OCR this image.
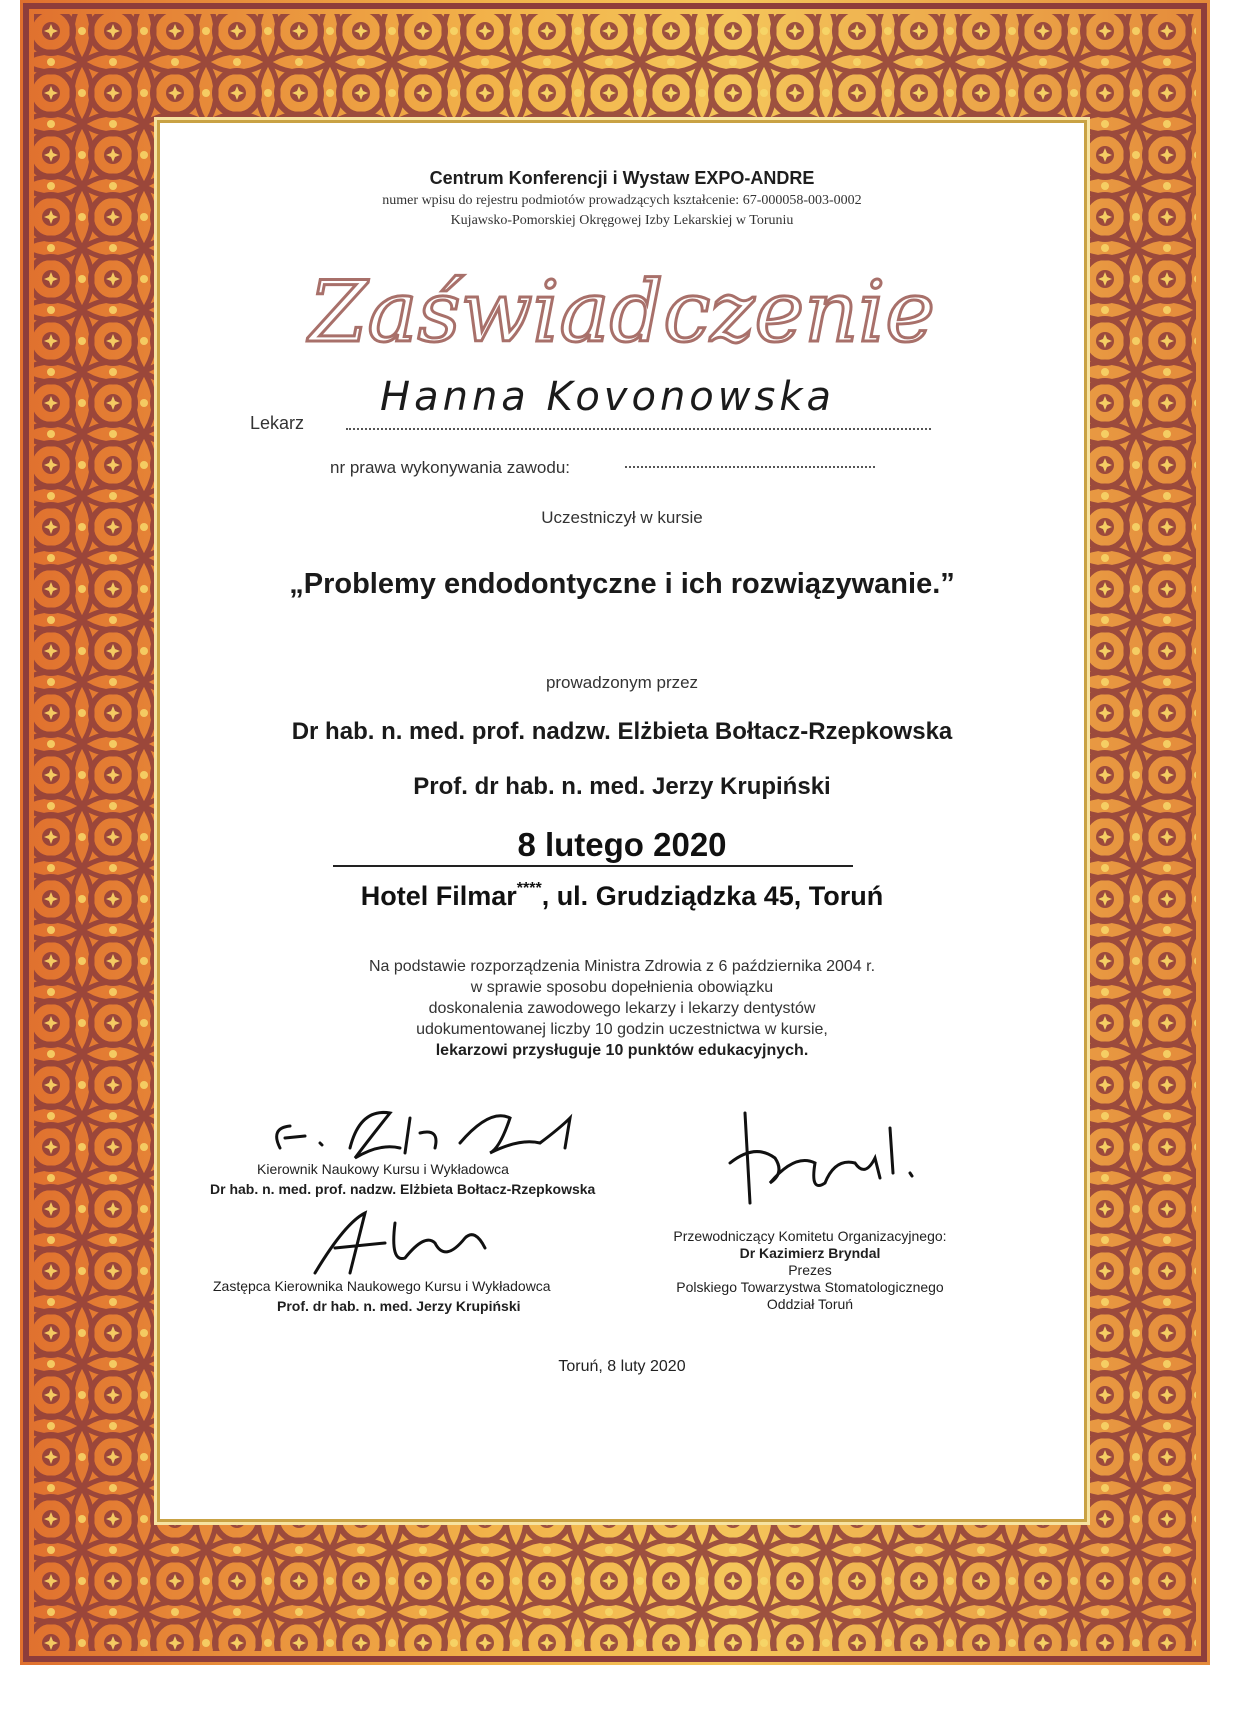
Centrum Konferencji i Wystaw EXPO-ANDRE
numer wpisu do rejestru podmiotów prowadzących kształcenie: 67-000058-003-0002
Kujawsko-Pomorskiej Okręgowej Izby Lekarskiej w Toruniu
Zaświadczenie
Lekarz
Hanna Kovonowska
nr prawa wykonywania zawodu:
Uczestniczył w kursie
„Problemy endodontyczne i ich rozwiązywanie.”
prowadzonym przez
Dr hab. n. med. prof. nadzw. Elżbieta Bołtacz-Rzepkowska
Prof. dr hab. n. med. Jerzy Krupiński
8 lutego 2020
Hotel Filmar****, ul. Grudziądzka 45, Toruń
Na podstawie rozporządzenia Ministra Zdrowia z 6 października 2004 r.
w sprawie sposobu dopełnienia obowiązku
doskonalenia zawodowego lekarzy i lekarzy dentystów
udokumentowanej liczby 10 godzin uczestnictwa w kursie,
lekarzowi przysługuje 10 punktów edukacyjnych.
Kierownik Naukowy Kursu i Wykładowca
Dr hab. n. med. prof. nadzw. Elżbieta Bołtacz-Rzepkowska
Zastępca Kierownika Naukowego Kursu i Wykładowca
Prof. dr hab. n. med. Jerzy Krupiński
Przewodniczący Komitetu Organizacyjnego:
Dr Kazimierz Bryndal
Prezes
Polskiego Towarzystwa Stomatologicznego
Oddział Toruń
Toruń, 8 luty 2020
